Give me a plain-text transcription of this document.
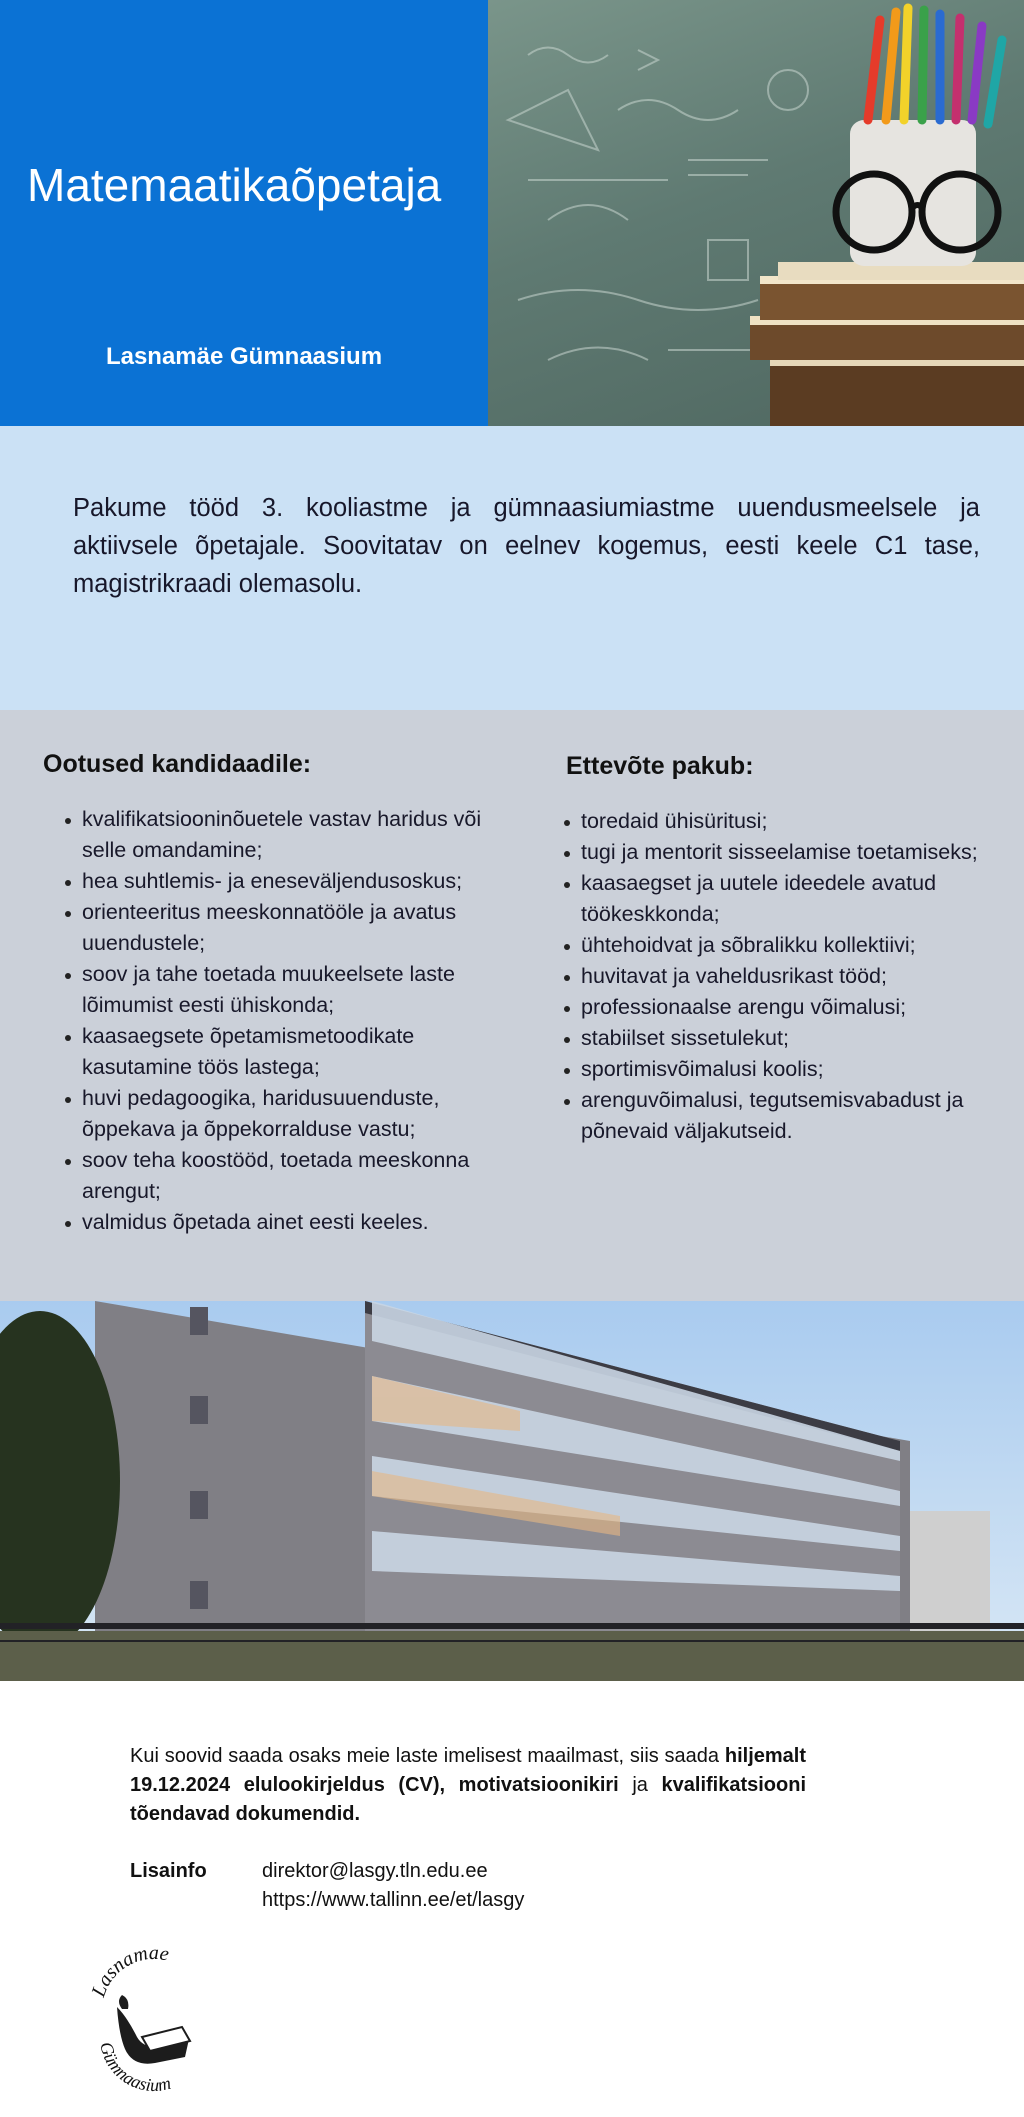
Matemaatikaõpetaja
Lasnamäe Gümnaasium

Pakume tööd 3. kooliastme ja gümnaasiumiastme uuendusmeelsele ja aktiivsele õpetajale. Soovitatav on eelnev kogemus, eesti keele C1 tase, magistrikraadi olemasolu.

Ootused kandidaadile:
kvalifikatsiooninõuetele vastav haridus või selle omandamine;
hea suhtlemis- ja eneseväljendusoskus;
orienteeritus meeskonnatööle ja avatus uuendustele;
soov ja tahe toetada muukeelsete laste lõimumist eesti ühiskonda;
kaasaegsete õpetamismetoodikate kasutamine töös lastega;
huvi pedagoogika, haridusuuenduste, õppekava ja õppekorralduse vastu;
soov teha koostööd, toetada meeskonna arengut;
valmidus õpetada ainet eesti keeles.
Ettevõte pakub:
toredaid ühisüritusi;
tugi ja mentorit sisseelamise toetamiseks;
kaasaegset ja uutele ideedele avatud töökeskkonda;
ühtehoidvat ja sõbralikku kollektiivi;
huvitavat ja vaheldusrikast tööd;
professionaalse arengu võimalusi;
stabiilset sissetulekut;
sportimisvõimalusi koolis;
arenguvõimalusi, tegutsemisvabadust ja põnevaid väljakutseid.

Kui soovid saada osaks meie laste imelisest maailmast, siis saada hiljemalt 19.12.2024 elulookirjeldus (CV), motivatsioonikiri ja kvalifikatsiooni tõendavad dokumendid.

Lisainfo	direktor@lasgy.tln.edu.ee
https://www.tallinn.ee/et/lasgy
Lasnamäe
Gümnaasium
